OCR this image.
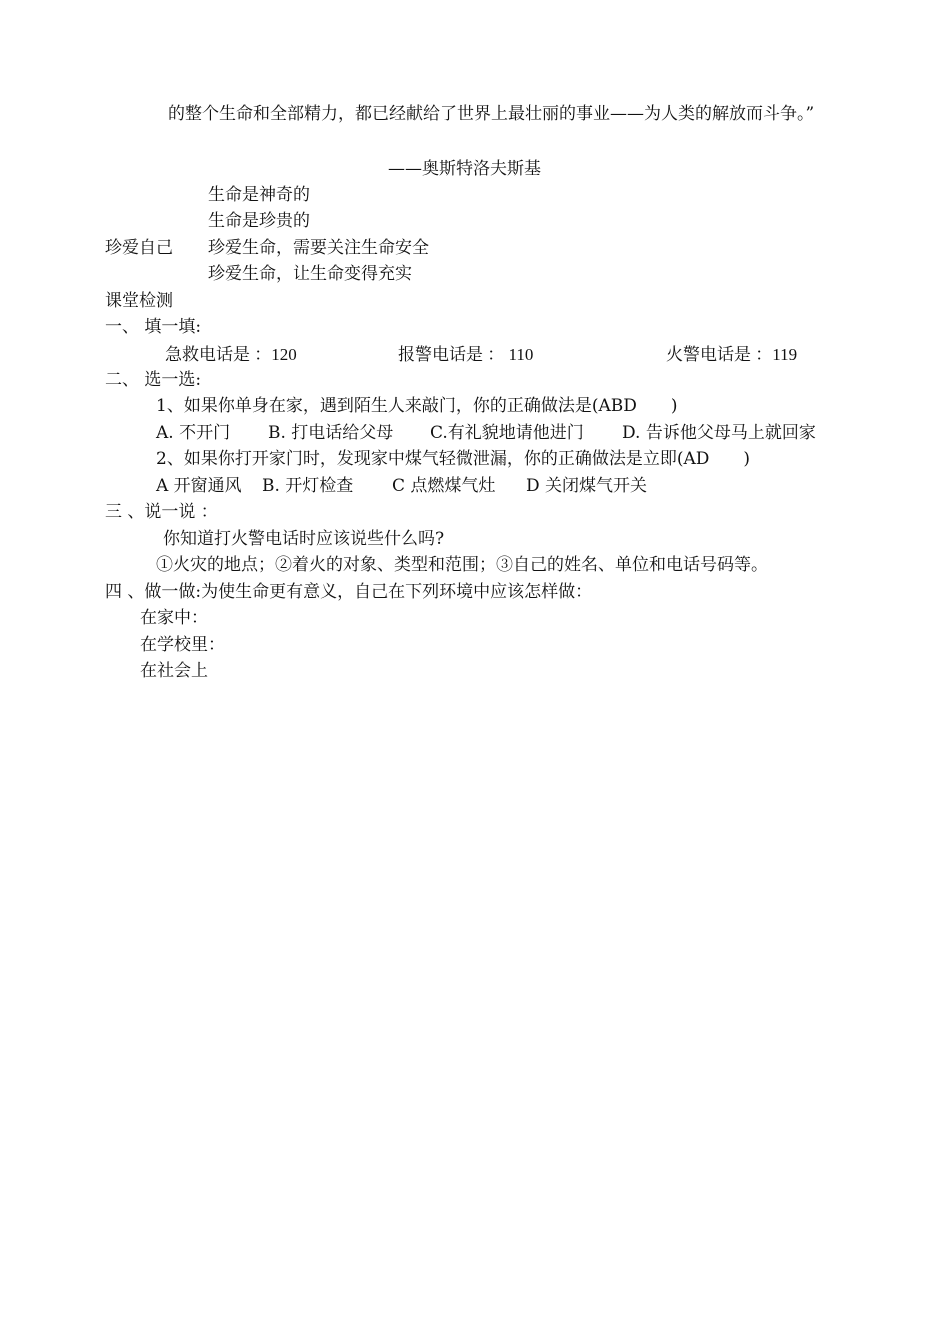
的整个生命和全部精力，都已经献给了世界上最壮丽的事业——为人类的解放而斗争。”
——奥斯特洛夫斯基
生命是神奇的
生命是珍贵的
珍爱自己 珍爱生命，需要关注生命安全
珍爱生命，让生命变得充实
课堂检测
一、 填一填:
急救电话是 ：120	报警电话是 ： 110	火警电话是 ：119
二、 选一选:
1、如果你单身在家，遇到陌生人来敲门，你的正确做法是(ABD　　)
A. 不开门 B. 打电话给父母 C.有礼貌地请他进门 D. 告诉他父母马上就回家
2、如果你打开家门时，发现家中煤气轻微泄漏，你的正确做法是立即(AD　　)
A 开窗通风 B. 开灯检查 C 点燃煤气灶 D 关闭煤气开关
三 、说一说 ：
你知道打火警电话时应该说些什么吗?
①火灾的地点；②着火的对象、类型和范围；③自己的姓名、单位和电话号码等。
四 、做一做:为使生命更有意义，自己在下列环境中应该怎样做：
在家中：
在学校里：
在社会上
